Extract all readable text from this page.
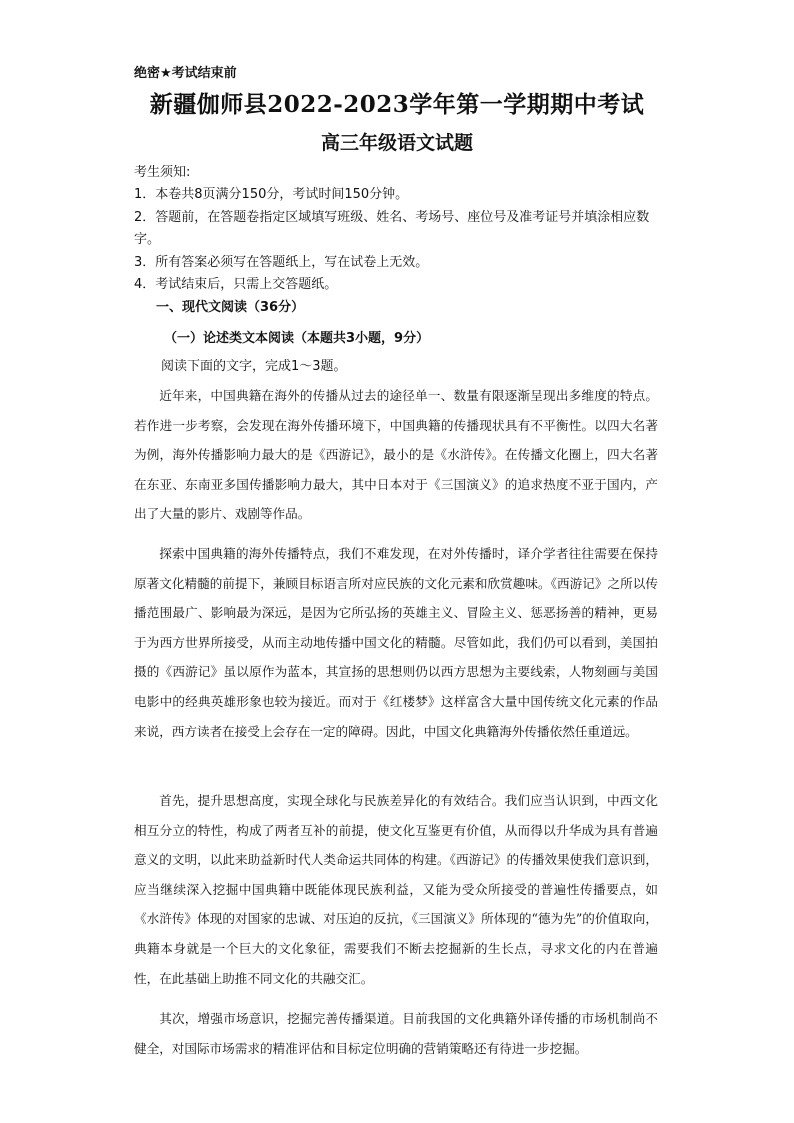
绝密★考试结束前
新疆伽师县2022-2023学年第一学期期中考试
高三年级语文试题
考生须知:
1．本卷共8页满分150分，考试时间150分钟。
2．答题前，在答题卷指定区域填写班级、姓名、考场号、座位号及准考证号并填涂相应数字。
3．所有答案必须写在答题纸上，写在试卷上无效。
4．考试结束后，只需上交答题纸。
一、现代文阅读（36分）
（一）论述类文本阅读（本题共3小题，9分）
阅读下面的文字，完成1～3题。

近年来，中国典籍在海外的传播从过去的途径单一、数量有限逐渐呈现出多维度的特点。若作进一步考察，会发现在海外传播环境下，中国典籍的传播现状具有不平衡性。以四大名著为例，海外传播影响力最大的是《西游记》，最小的是《水浒传》。在传播文化圈上，四大名著在东亚、东南亚多国传播影响力最大，其中日本对于《三国演义》的追求热度不亚于国内，产出了大量的影片、戏剧等作品。

探索中国典籍的海外传播特点，我们不难发现，在对外传播时，译介学者往往需要在保持原著文化精髓的前提下，兼顾目标语言所对应民族的文化元素和欣赏趣味。《西游记》之所以传播范围最广、影响最为深远，是因为它所弘扬的英雄主义、冒险主义、惩恶扬善的精神，更易于为西方世界所接受，从而主动地传播中国文化的精髓。尽管如此，我们仍可以看到，美国拍摄的《西游记》虽以原作为蓝本，其宣扬的思想则仍以西方思想为主要线索，人物刻画与美国电影中的经典英雄形象也较为接近。而对于《红楼梦》这样富含大量中国传统文化元素的作品来说，西方读者在接受上会存在一定的障碍。因此，中国文化典籍海外传播依然任重道远。

首先，提升思想高度，实现全球化与民族差异化的有效结合。我们应当认识到，中西文化相互分立的特性，构成了两者互补的前提，使文化互鉴更有价值，从而得以升华成为具有普遍意义的文明，以此来助益新时代人类命运共同体的构建。《西游记》的传播效果使我们意识到，应当继续深入挖掘中国典籍中既能体现民族利益，又能为受众所接受的普遍性传播要点，如《水浒传》体现的对国家的忠诚、对压迫的反抗，《三国演义》所体现的“德为先”的价值取向，典籍本身就是一个巨大的文化象征，需要我们不断去挖掘新的生长点，寻求文化的内在普遍性，在此基础上助推不同文化的共融交汇。

其次，增强市场意识，挖掘完善传播渠道。目前我国的文化典籍外译传播的市场机制尚不健全，对国际市场需求的精准评估和目标定位明确的营销策略还有待进一步挖掘。
